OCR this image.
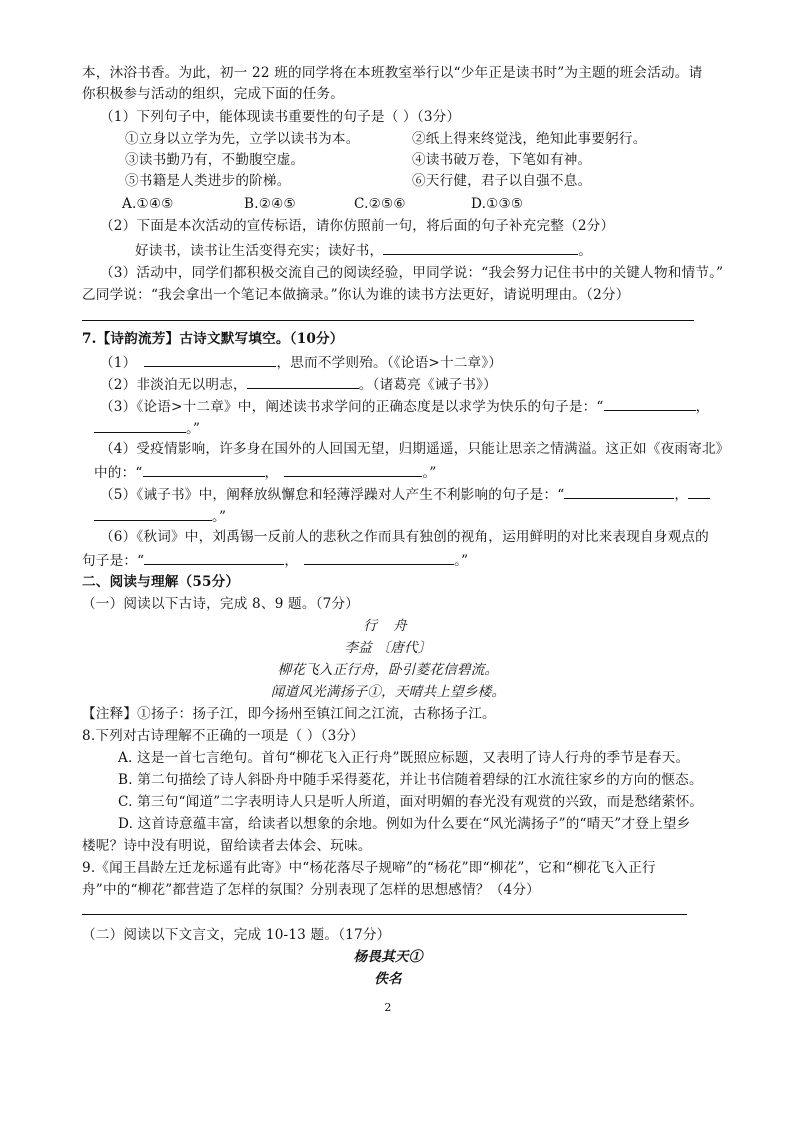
本，沐浴书香。为此，初一 22 班的同学将在本班教室举行以“少年正是读书时”为主题的班会活动。请
你积极参与活动的组织，完成下面的任务。
（1）下列句子中，能体现读书重要性的句子是（ ）（3分）
①立身以立学为先，立学以读书为本。	②纸上得来终觉浅，绝知此事要躬行。
③读书勤乃有，不勤腹空虚。	④读书破万卷，下笔如有神。
⑤书籍是人类进步的阶梯。	⑥天行健，君子以自强不息。
A.①④⑤	B.②④⑤	C.②⑤⑥	D.①③⑤
（2）下面是本次活动的宣传标语，请你仿照前一句，将后面的句子补充完整（2分）
好读书，读书让生活变得充实；读好书，	。
（3）活动中，同学们都积极交流自己的阅读经验，甲同学说：“我会努力记住书中的关键人物和情节。”
乙同学说：“我会拿出一个笔记本做摘录。”你认为谁的读书方法更好，请说明理由。（2分）
7.【诗韵流芳】古诗文默写填空。（10分）
（1）	，思而不学则殆。（《论语>十二章》）
（2）非淡泊无以明志，	。（诸葛亮《诫子书》）
（3）《论语>十二章》中，阐述读书求学问的正确态度是以求学为快乐的句子是：“	，
。”
（4）受疫情影响，许多身在国外的人回国无望，归期遥遥，只能让思亲之情满溢。这正如《夜雨寄北》
中的：“	，	。”
（5）《诫子书》中，阐释放纵懈怠和轻薄浮躁对人产生不利影响的句子是：“	，
。”
（6）《秋词》中，刘禹锡一反前人的悲秋之作而具有独创的视角，运用鲜明的对比来表现自身观点的
句子是：“	，	。”
二、阅读与理解（55分）
（一）阅读以下古诗，完成 8、9 题。（7分）
行 舟
李益 〔唐代〕
柳花飞入正行舟，卧引菱花信碧流。
闻道风光满扬子①，天晴共上望乡楼。
【注释】①扬子：扬子江，即今扬州至镇江间之江流，古称扬子江。
8.下列对古诗理解不正确的一项是（ ）（3分）
A. 这是一首七言绝句。首句“柳花飞入正行舟”既照应标题，又表明了诗人行舟的季节是春天。
B. 第二句描绘了诗人斜卧舟中随手采得菱花，并让书信随着碧绿的江水流往家乡的方向的惬态。
C. 第三句“闻道”二字表明诗人只是听人所道，面对明媚的春光没有观赏的兴致，而是愁绪萦怀。
D. 这首诗意蕴丰富，给读者以想象的余地。例如为什么要在“风光满扬子”的“晴天”才登上望乡
楼呢？诗中没有明说，留给读者去体会、玩味。
9.《闻王昌龄左迁龙标遥有此寄》中“杨花落尽子规啼”的“杨花”即“柳花”，它和“柳花飞入正行
舟”中的“柳花”都营造了怎样的氛围？分别表现了怎样的思想感情？（4分）
（二）阅读以下文言文，完成 10-13 题。（17分）
杨畏其天①
佚名
2
